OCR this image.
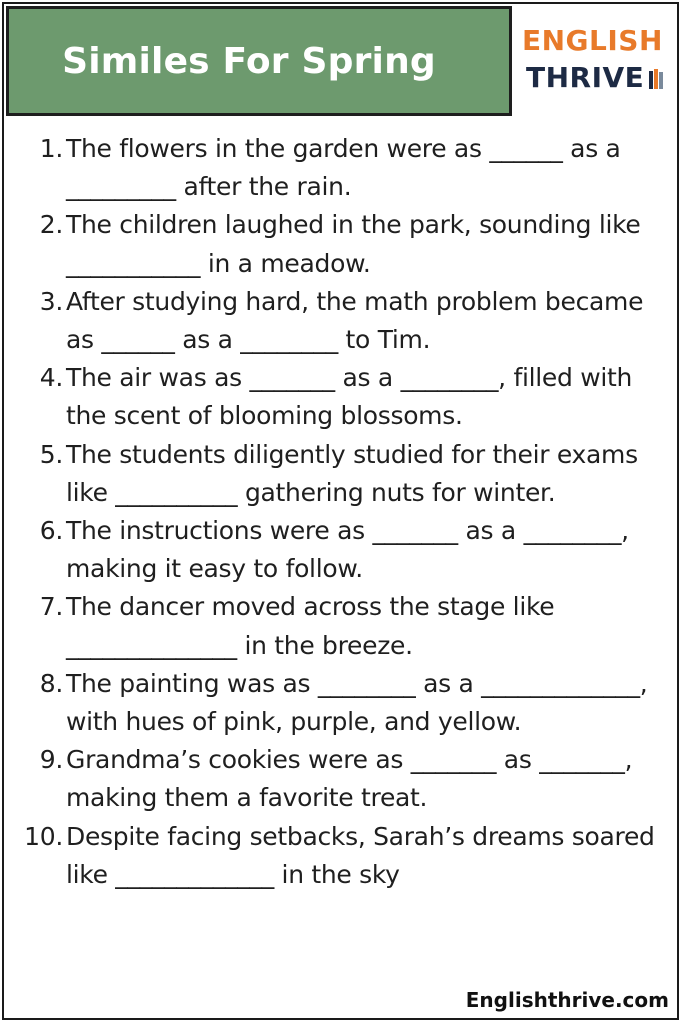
Similes For Spring	ENGLISH
THRIVE
1. The flowers in the garden were as ______ as a _________ after the rain.
2. The children laughed in the park, sounding like ___________ in a meadow.
3. After studying hard, the math problem became as ______ as a ________ to Tim.
4. The air was as _______ as a ________, filled with the scent of blooming blossoms.
5. The students diligently studied for their exams like __________ gathering nuts for winter.
6. The instructions were as _______ as a ________, making it easy to follow.
7. The dancer moved across the stage like ______________ in the breeze.
8. The painting was as ________ as a _____________, with hues of pink, purple, and yellow.
9. Grandma’s cookies were as _______ as _______, making them a favorite treat.
10. Despite facing setbacks, Sarah’s dreams soared like _____________ in the sky
Englishthrive.com
